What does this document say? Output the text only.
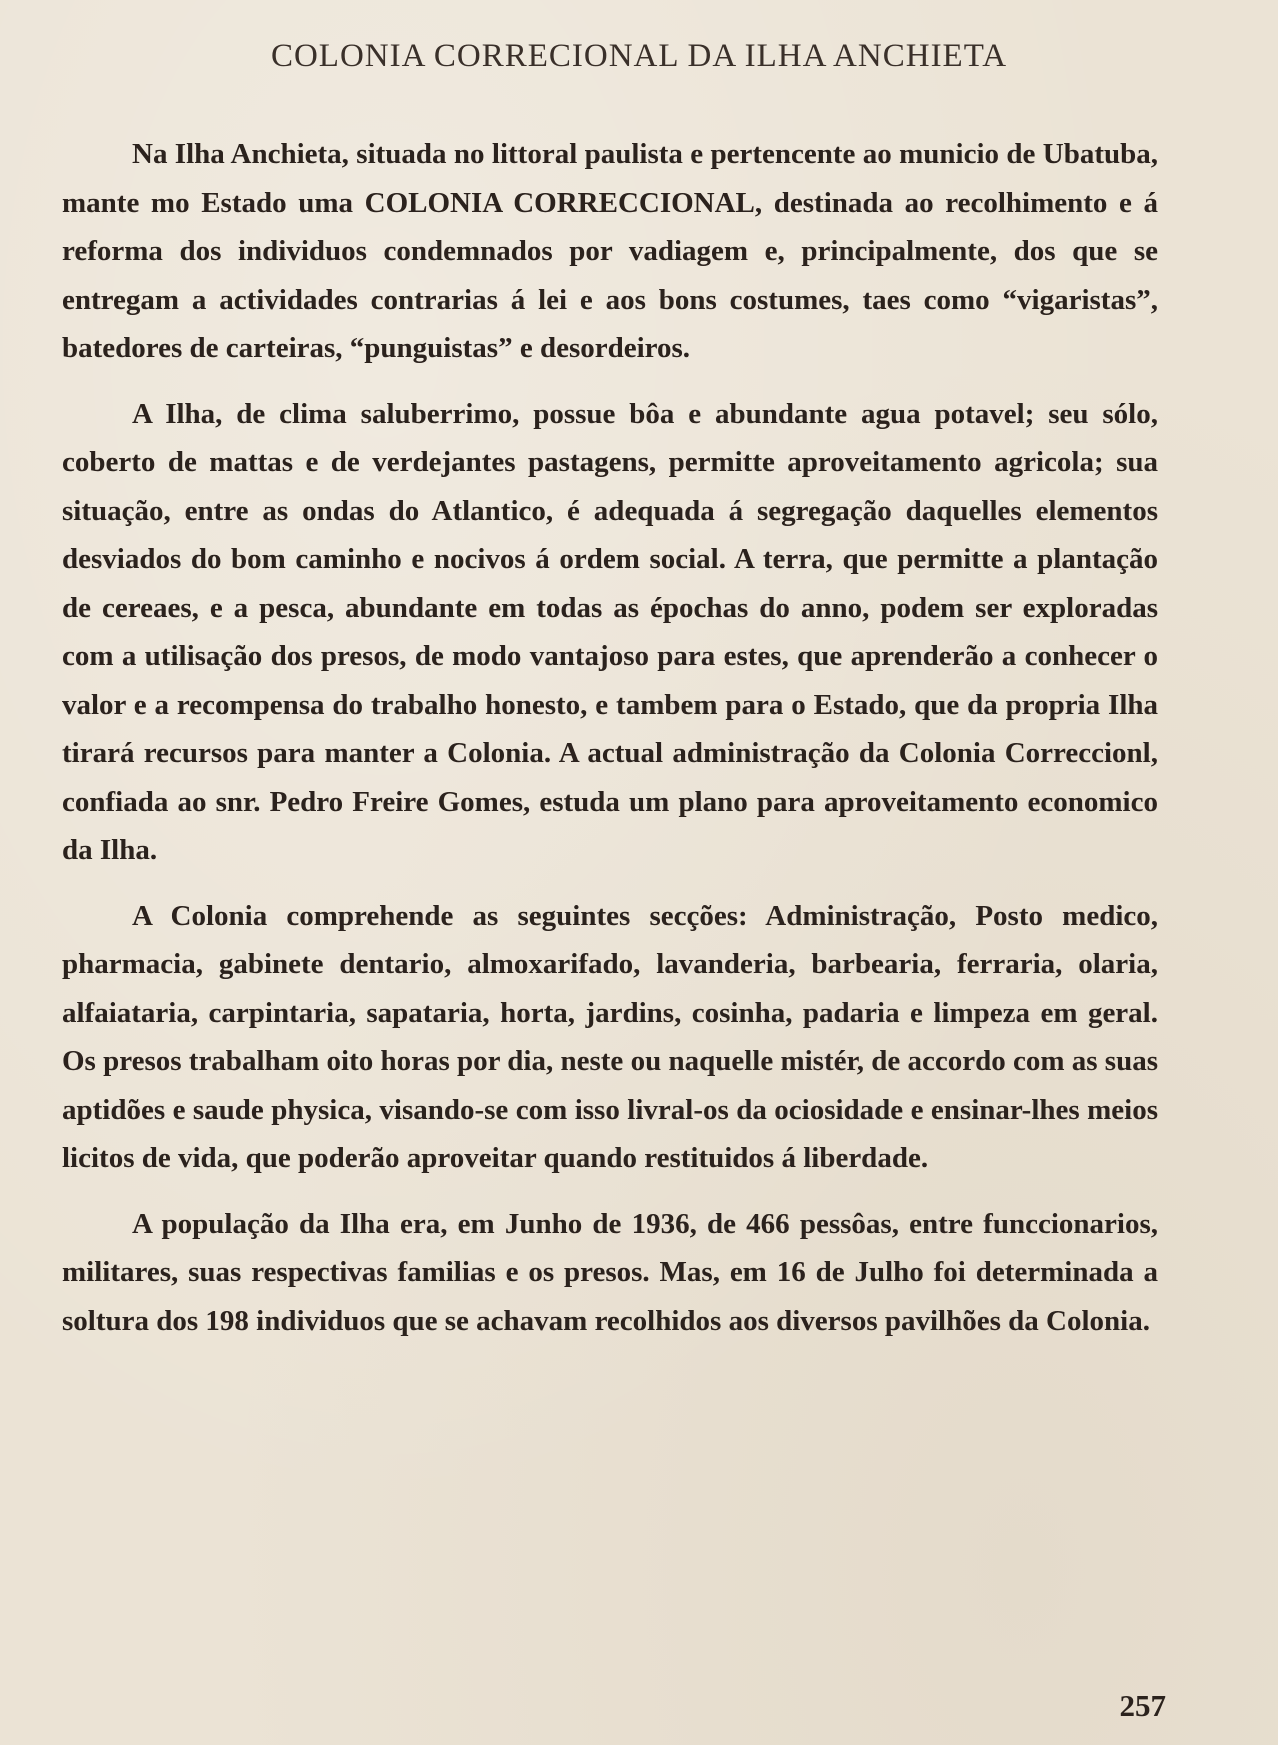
COLONIA CORRECIONAL DA ILHA ANCHIETA

Na Ilha Anchieta, situada no littoral paulista e pertencente ao municio de Ubatuba, mante mo Estado uma COLONIA CORRECCIONAL, destinada ao recolhimento e á reforma dos individuos condemnados por vadiagem e, principalmente, dos que se entregam a actividades contrarias á lei e aos bons costumes, taes como “vigaristas”, batedores de carteiras, “punguistas” e desordeiros.

A Ilha, de clima saluberrimo, possue bôa e abundante agua potavel; seu sólo, coberto de mattas e de verdejantes pastagens, permitte aproveitamento agricola; sua situação, entre as ondas do Atlantico, é adequada á segregação daquelles elementos desviados do bom caminho e nocivos á ordem social. A terra, que permitte a plantação de cereaes, e a pesca, abundante em todas as épochas do anno, podem ser exploradas com a utilisação dos presos, de modo vantajoso para estes, que aprenderão a conhecer o valor e a recompensa do trabalho honesto, e tambem para o Estado, que da propria Ilha tirará recursos para manter a Colonia. A actual administração da Colonia Correccionl, confiada ao snr. Pedro Freire Gomes, estuda um plano para aproveitamento economico da Ilha.

A Colonia comprehende as seguintes secções: Administração, Posto medico, pharmacia, gabinete dentario, almoxarifado, lavanderia, barbearia, ferraria, olaria, alfaiataria, carpintaria, sapataria, horta, jardins, cosinha, padaria e limpeza em geral. Os presos trabalham oito horas por dia, neste ou naquelle mistér, de accordo com as suas aptidões e saude physica, visando-se com isso livral-os da ociosidade e ensinar-lhes meios licitos de vida, que poderão aproveitar quando restituidos á liberdade.

A população da Ilha era, em Junho de 1936, de 466 pessôas, entre funccionarios, militares, suas respectivas familias e os presos. Mas, em 16 de Julho foi determinada a soltura dos 198 individuos que se achavam recolhidos aos diversos pavilhões da Colonia.

257
